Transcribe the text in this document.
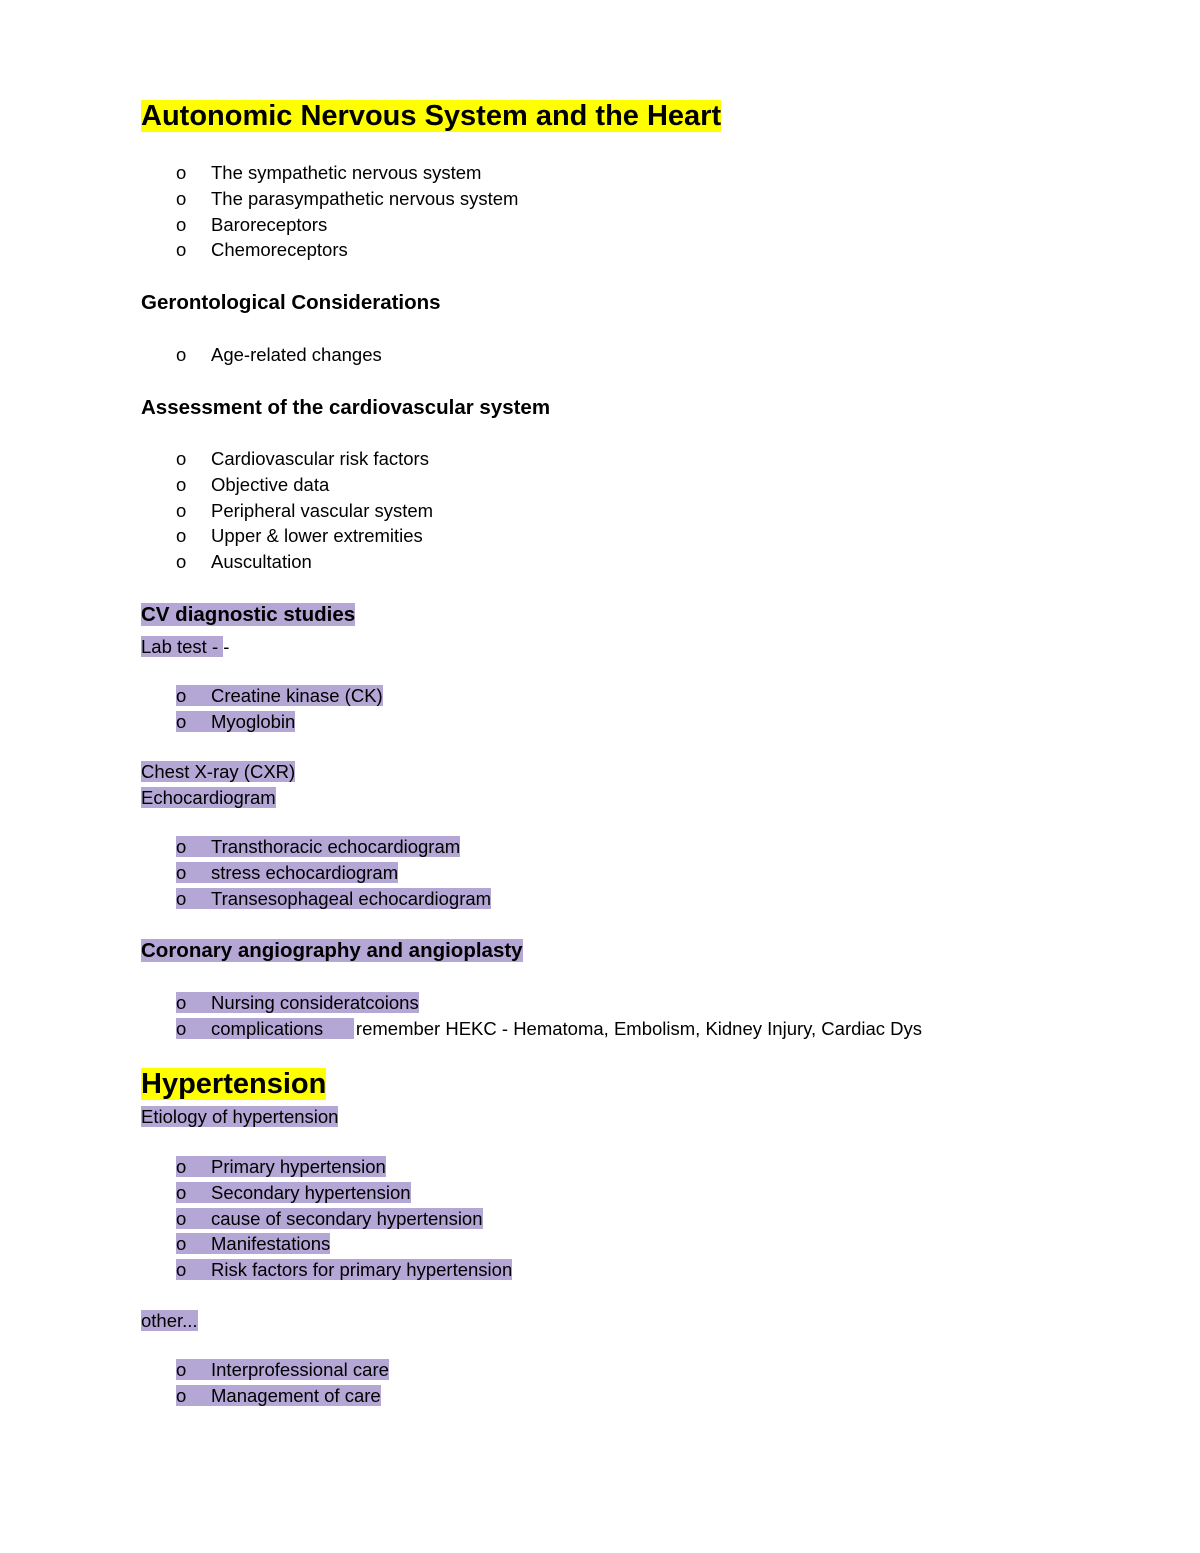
Autonomic Nervous System and the Heart
o The sympathetic nervous system
o The parasympathetic nervous system
o Baroreceptors
o Chemoreceptors
Gerontological Considerations
o Age-related changes
Assessment of the cardiovascular system
o Cardiovascular risk factors
o Objective data
o Peripheral vascular system
o Upper & lower extremities
o Auscultation
CV diagnostic studies
Lab test - -
o Creatine kinase (CK)
o Myoglobin
Chest X-ray (CXR)
Echocardiogram
o Transthoracic echocardiogram
o stress echocardiogram
o Transesophageal echocardiogram
Coronary angiography and angioplasty
o Nursing consideratcoions
o complications      remember HEKC - Hematoma, Embolism, Kidney Injury, Cardiac Dys
Hypertension
Etiology of hypertension
o Primary hypertension
o Secondary hypertension
o cause of secondary hypertension
o Manifestations
o Risk factors for primary hypertension
other...
o Interprofessional care
o Management of care
